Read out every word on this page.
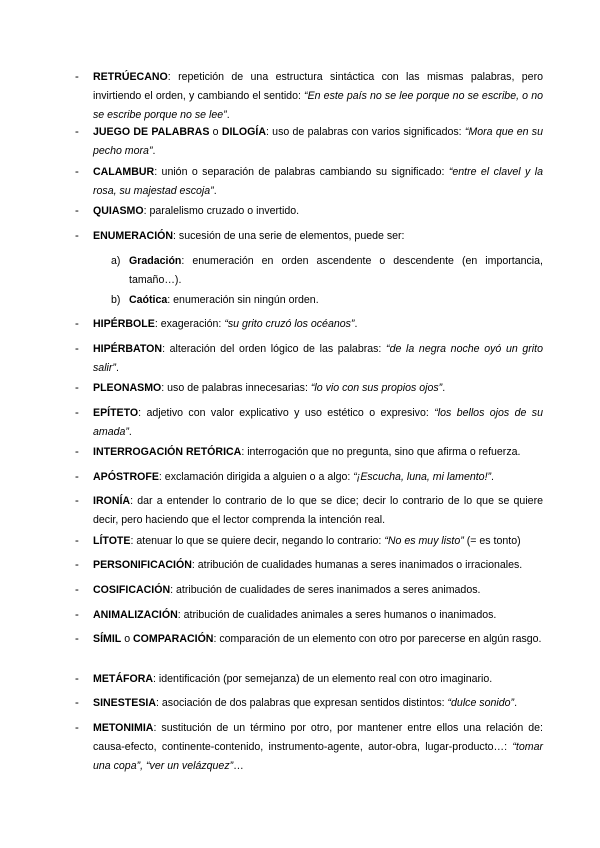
- RETRÚECANO: repetición de una estructura sintáctica con las mismas palabras, pero invirtiendo el orden, y cambiando el sentido: “En este país no se lee porque no se escribe, o no se escribe porque no se lee”.
- JUEGO DE PALABRAS o DILOGÍA: uso de palabras con varios significados: “Mora que en su pecho mora”.
- CALAMBUR: unión o separación de palabras cambiando su significado: “entre el clavel y la rosa, su majestad escoja”.
- QUIASMO: paralelismo cruzado o invertido.
- ENUMERACIÓN: sucesión de una serie de elementos, puede ser:
a) Gradación: enumeración en orden ascendente o descendente (en importancia, tamaño…).
b) Caótica: enumeración sin ningún orden.
- HIPÉRBOLE: exageración: “su grito cruzó los océanos”.
- HIPÉRBATON: alteración del orden lógico de las palabras: “de la negra noche oyó un grito salir”.
- PLEONASMO: uso de palabras innecesarias: “lo vio con sus propios ojos”.
- EPÍTETO: adjetivo con valor explicativo y uso estético o expresivo: “los bellos ojos de su amada”.
- INTERROGACIÓN RETÓRICA: interrogación que no pregunta, sino que afirma o refuerza.
- APÓSTROFE: exclamación dirigida a alguien o a algo: “¡Escucha, luna, mi lamento!”.
- IRONÍA: dar a entender lo contrario de lo que se dice; decir lo contrario de lo que se quiere decir, pero haciendo que el lector comprenda la intención real.
- LÍTOTE: atenuar lo que se quiere decir, negando lo contrario: “No es muy listo” (= es tonto)
- PERSONIFICACIÓN: atribución de cualidades humanas a seres inanimados o irracionales.
- COSIFICACIÓN: atribución de cualidades de seres inanimados a seres animados.
- ANIMALIZACIÓN: atribución de cualidades animales a seres humanos o inanimados.
- SÍMIL o COMPARACIÓN: comparación de un elemento con otro por parecerse en algún rasgo.
- METÁFORA: identificación (por semejanza) de un elemento real con otro imaginario.
- SINESTESIA: asociación de dos palabras que expresan sentidos distintos: “dulce sonido”.
- METONIMIA: sustitución de un término por otro, por mantener entre ellos una relación de: causa-efecto, continente-contenido, instrumento-agente, autor-obra, lugar-producto…: “tomar una copa”, “ver un velázquez”…
